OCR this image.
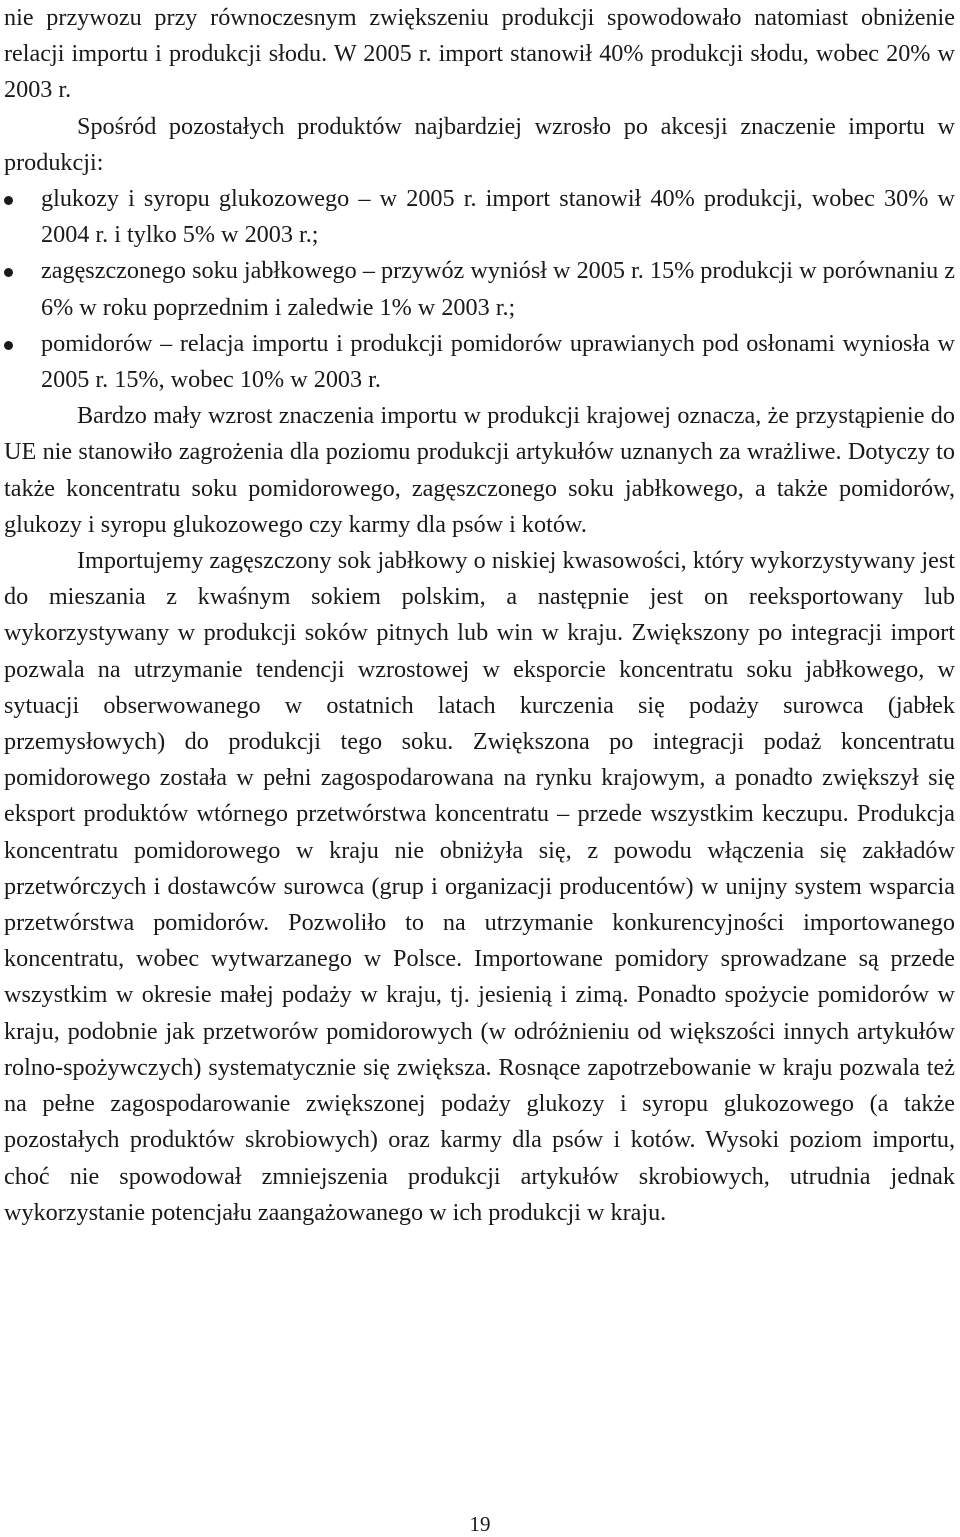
nie przywozu przy równoczesnym zwiększeniu produkcji spowodowało natomiast obniżenie relacji importu i produkcji słodu. W 2005 r. import stanowił 40% produkcji słodu, wobec 20% w 2003 r.

Spośród pozostałych produktów najbardziej wzrosło po akcesji znaczenie importu w produkcji:

glukozy i syropu glukozowego – w 2005 r. import stanowił 40% produkcji, wobec 30% w 2004 r. i tylko 5% w 2003 r.;
zagęszczonego soku jabłkowego – przywóz wyniósł w 2005 r. 15% produkcji w porównaniu z 6% w roku poprzednim i zaledwie 1% w 2003 r.;
pomidorów – relacja importu i produkcji pomidorów uprawianych pod osłonami wyniosła w 2005 r. 15%, wobec 10% w 2003 r.

Bardzo mały wzrost znaczenia importu w produkcji krajowej oznacza, że przystąpienie do UE nie stanowiło zagrożenia dla poziomu produkcji artykułów uznanych za wrażliwe. Dotyczy to także koncentratu soku pomidorowego, zagęszczonego soku jabłkowego, a także pomidorów, glukozy i syropu glukozowego czy karmy dla psów i kotów.

Importujemy zagęszczony sok jabłkowy o niskiej kwasowości, który wykorzystywany jest do mieszania z kwaśnym sokiem polskim, a następnie jest on reeksportowany lub wykorzystywany w produkcji soków pitnych lub win w kraju. Zwiększony po integracji import pozwala na utrzymanie tendencji wzrostowej w eksporcie koncentratu soku jabłkowego, w sytuacji obserwowanego w ostatnich latach kurczenia się podaży surowca (jabłek przemysłowych) do produkcji tego soku. Zwiększona po integracji podaż koncentratu pomidorowego została w pełni zagospodarowana na rynku krajowym, a ponadto zwiększył się eksport produktów wtórnego przetwórstwa koncentratu – przede wszystkim keczupu. Produkcja koncentratu pomidorowego w kraju nie obniżyła się, z powodu włączenia się zakładów przetwórczych i dostawców surowca (grup i organizacji producentów) w unijny system wsparcia przetwórstwa pomidorów. Pozwoliło to na utrzymanie konkurencyjności importowanego koncentratu, wobec wytwarzanego w Polsce. Importowane pomidory sprowadzane są przede wszystkim w okresie małej podaży w kraju, tj. jesienią i zimą. Ponadto spożycie pomidorów w kraju, podobnie jak przetworów pomidorowych (w odróżnieniu od większości innych artykułów rolno-spożywczych) systematycznie się zwiększa. Rosnące zapotrzebowanie w kraju pozwala też na pełne zagospodarowanie zwiększonej podaży glukozy i syropu glukozowego (a także pozostałych produktów skrobiowych) oraz karmy dla psów i kotów. Wysoki poziom importu, choć nie spowodował zmniejszenia produkcji artykułów skrobiowych, utrudnia jednak wykorzystanie potencjału zaangażowanego w ich produkcji w kraju.

19
